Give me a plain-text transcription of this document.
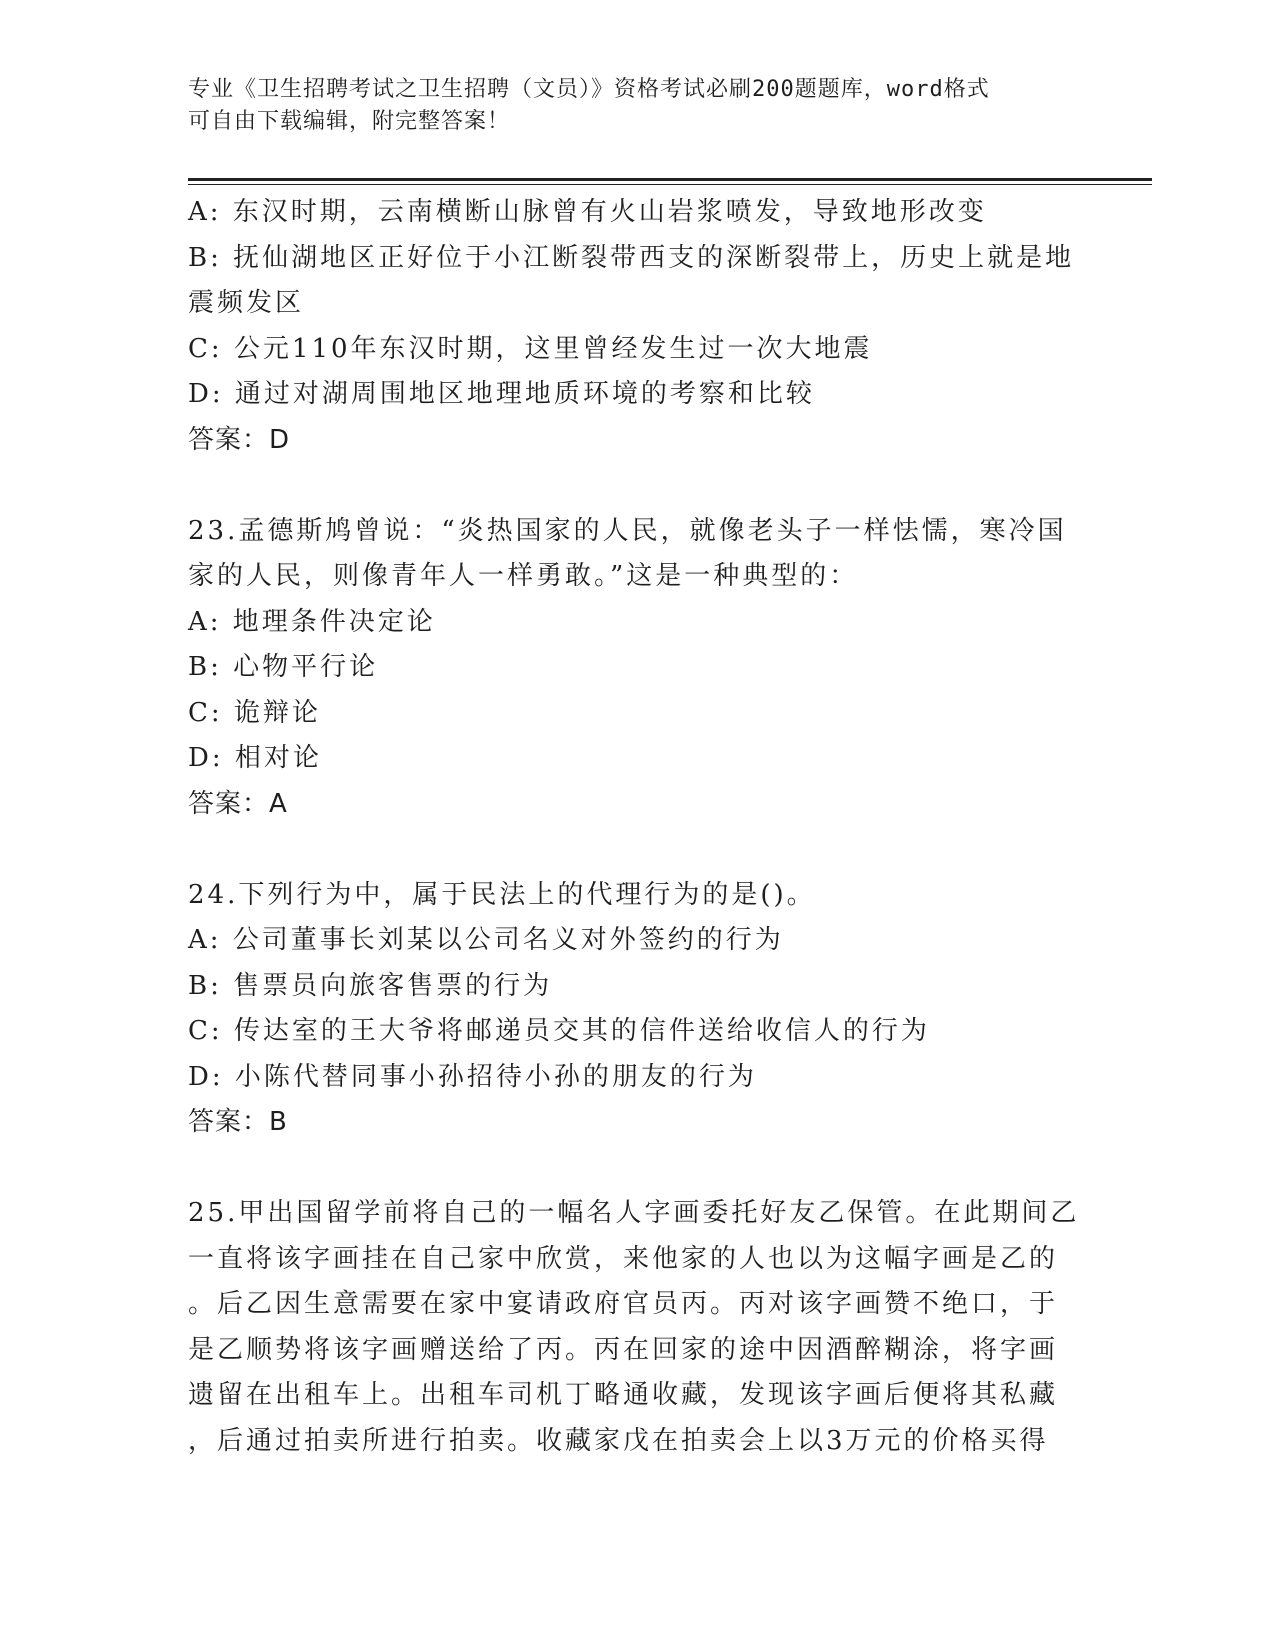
专业《卫生招聘考试之卫生招聘（文员）》资格考试必刷200题题库，word格式
可自由下载编辑，附完整答案！
A: 东汉时期，云南横断山脉曾有火山岩浆喷发，导致地形改变
B: 抚仙湖地区正好位于小江断裂带西支的深断裂带上，历史上就是地
震频发区
C: 公元110年东汉时期，这里曾经发生过一次大地震
D: 通过对湖周围地区地理地质环境的考察和比较
答案：D
23.孟德斯鸠曾说：“炎热国家的人民，就像老头子一样怯懦，寒冷国
家的人民，则像青年人一样勇敢。”这是一种典型的：
A: 地理条件决定论
B: 心物平行论
C: 诡辩论
D: 相对论
答案：A
24.下列行为中，属于民法上的代理行为的是()。
A: 公司董事长刘某以公司名义对外签约的行为
B: 售票员向旅客售票的行为
C: 传达室的王大爷将邮递员交其的信件送给收信人的行为
D: 小陈代替同事小孙招待小孙的朋友的行为
答案：B
25.甲出国留学前将自己的一幅名人字画委托好友乙保管。在此期间乙
一直将该字画挂在自己家中欣赏，来他家的人也以为这幅字画是乙的
。后乙因生意需要在家中宴请政府官员丙。丙对该字画赞不绝口，于
是乙顺势将该字画赠送给了丙。丙在回家的途中因酒醉糊涂，将字画
遗留在出租车上。出租车司机丁略通收藏，发现该字画后便将其私藏
，后通过拍卖所进行拍卖。收藏家戊在拍卖会上以3万元的价格买得
